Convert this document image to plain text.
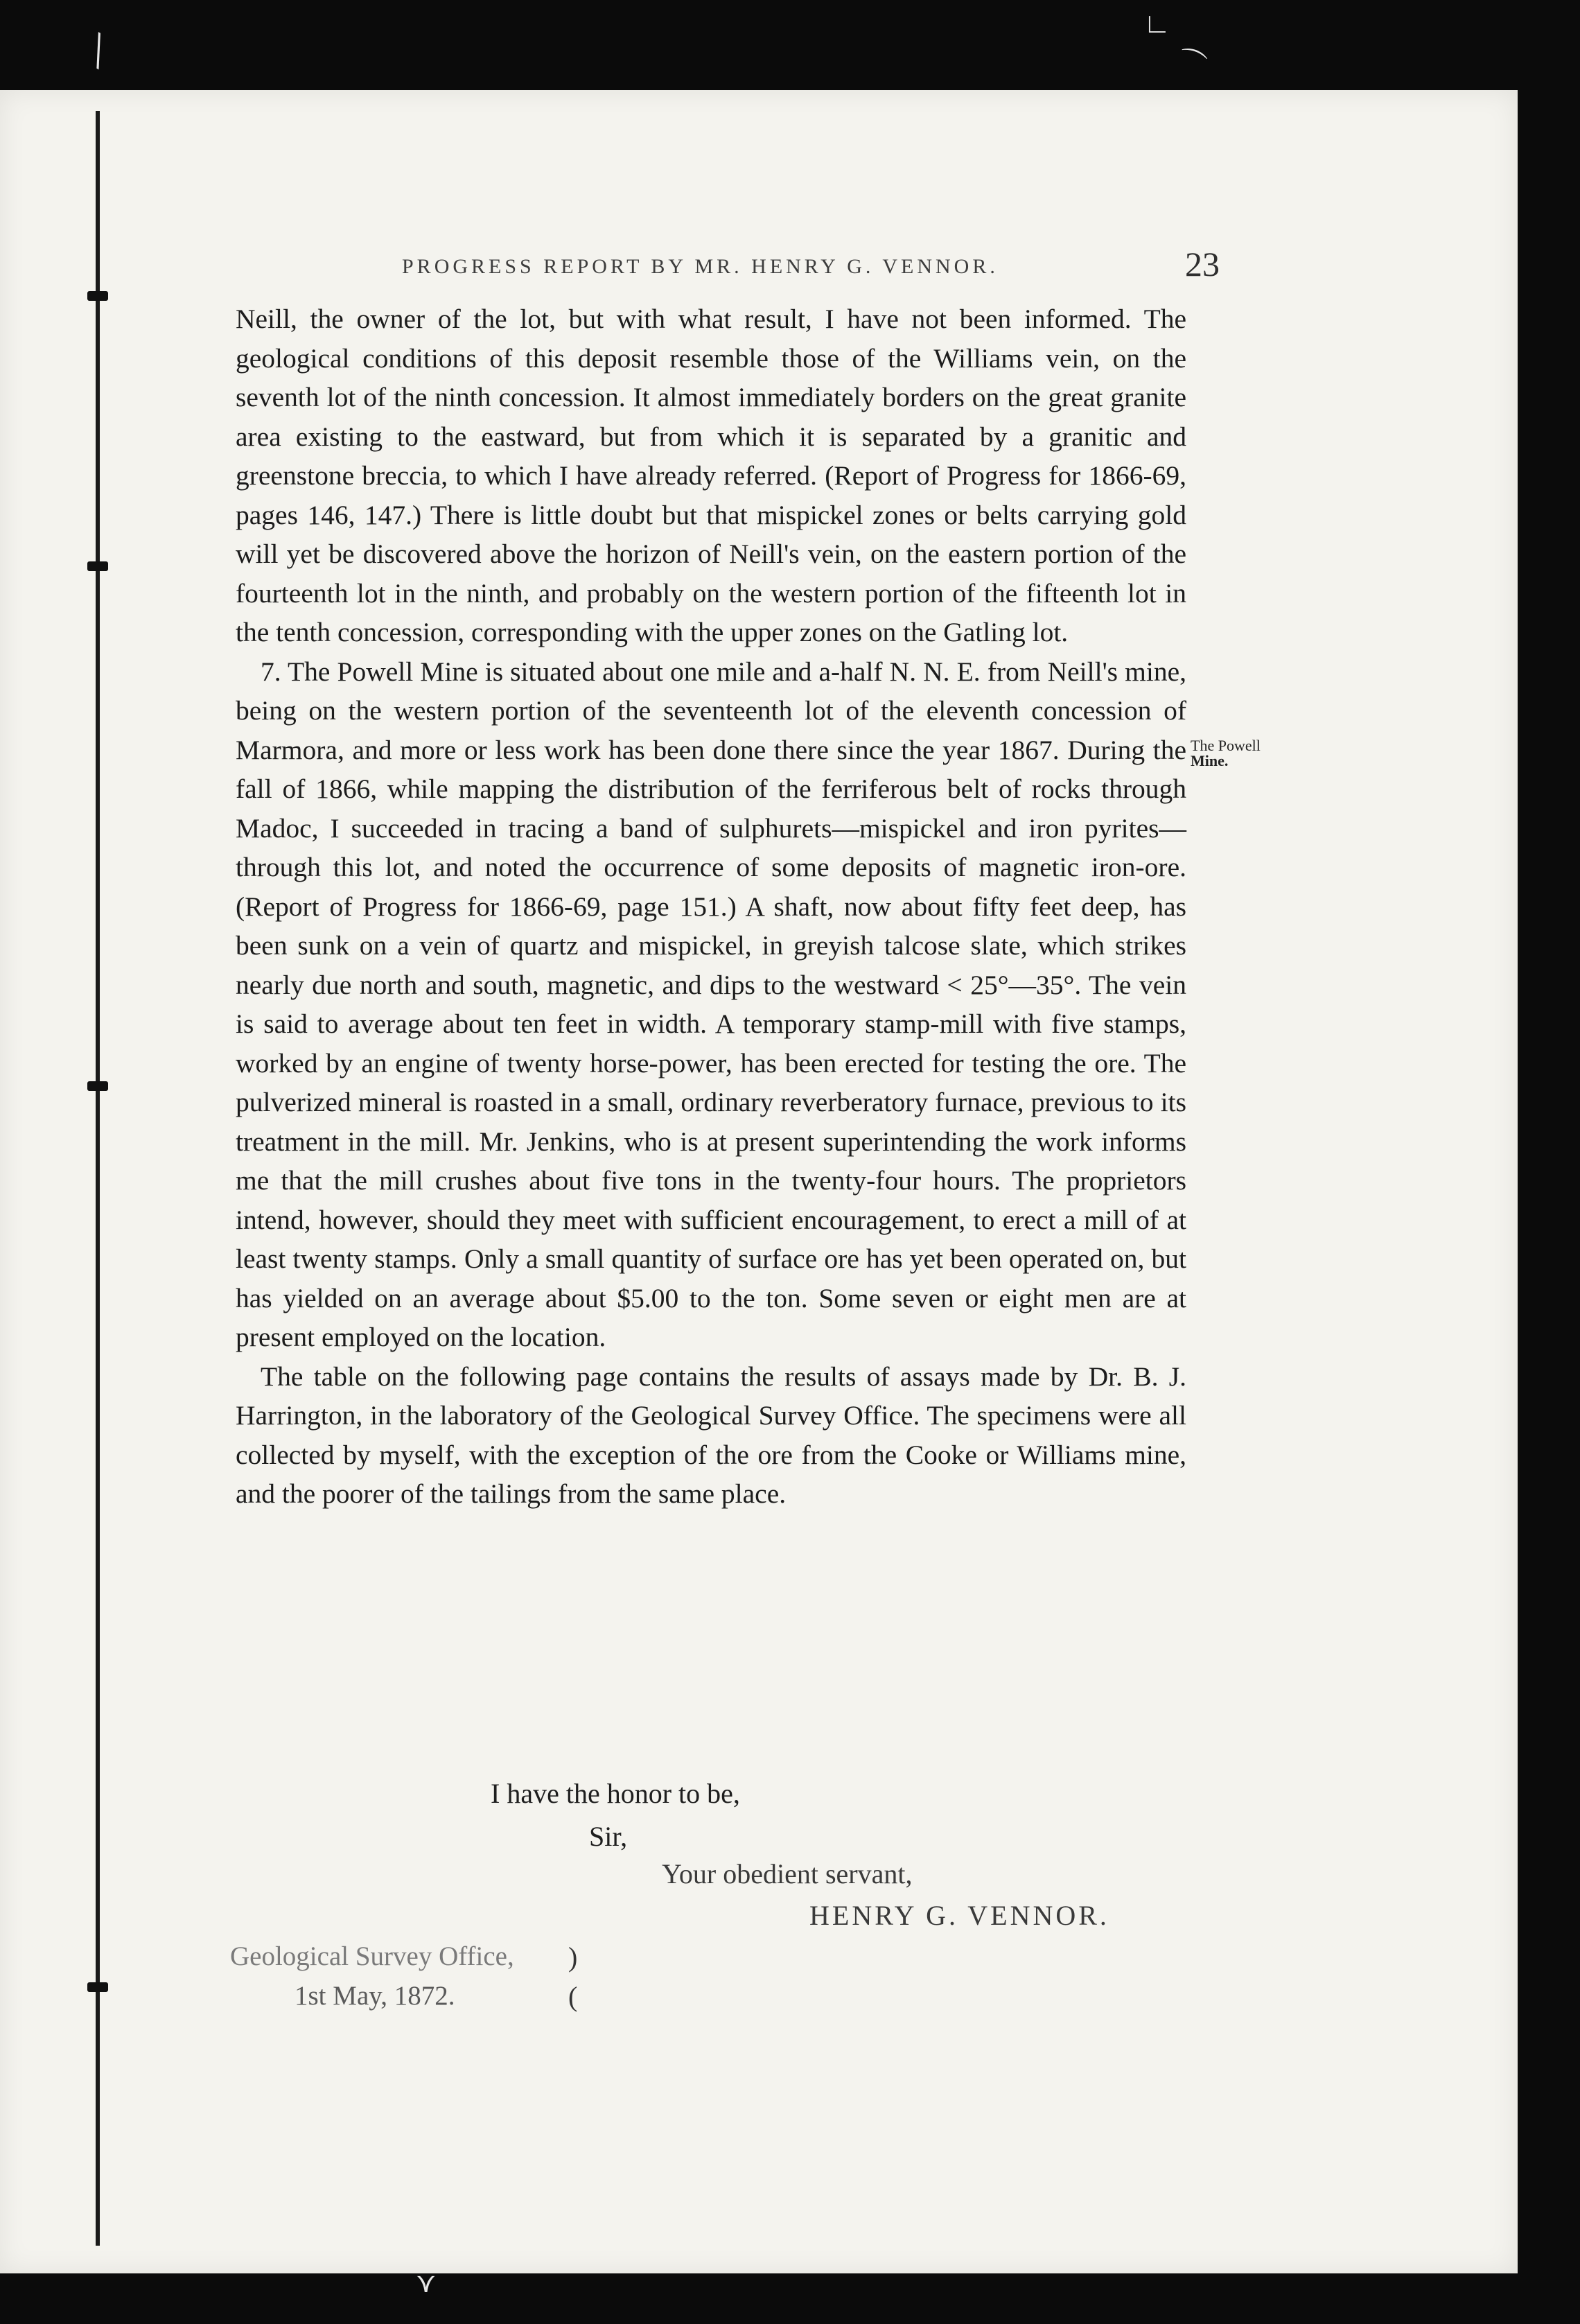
╲
∟
⌒
⋎
PROGRESS REPORT BY MR. HENRY G. VENNOR.	23

Neill, the owner of the lot, but with what result, I have not been informed. The geological conditions of this deposit resemble those of the Williams vein, on the seventh lot of the ninth concession. It almost immediately borders on the great granite area existing to the eastward, but from which it is separated by a granitic and greenstone breccia, to which I have already referred. (Report of Progress for 1866-69, pages 146, 147.) There is little doubt but that mispickel zones or belts carrying gold will yet be discovered above the horizon of Neill's vein, on the eastern portion of the fourteenth lot in the ninth, and probably on the western portion of the fifteenth lot in the tenth concession, corresponding with the upper zones on the Gatling lot.

7. The Powell Mine is situated about one mile and a-half N. N. E. from Neill's mine, being on the western portion of the seventeenth lot of the eleventh concession of Marmora, and more or less work has been done there since the year 1867. During the fall of 1866, while mapping the distribution of the ferriferous belt of rocks through Madoc, I succeeded in tracing a band of sulphurets—mispickel and iron pyrites—through this lot, and noted the occurrence of some deposits of magnetic iron-ore. (Report of Progress for 1866-69, page 151.) A shaft, now about fifty feet deep, has been sunk on a vein of quartz and mispickel, in greyish talcose slate, which strikes nearly due north and south, magnetic, and dips to the westward < 25°—35°. The vein is said to average about ten feet in width. A temporary stamp-mill with five stamps, worked by an engine of twenty horse-power, has been erected for testing the ore. The pulverized mineral is roasted in a small, ordinary reverberatory furnace, previous to its treatment in the mill. Mr. Jenkins, who is at present superintending the work informs me that the mill crushes about five tons in the twenty-four hours. The proprietors intend, however, should they meet with sufficient encouragement, to erect a mill of at least twenty stamps. Only a small quantity of surface ore has yet been operated on, but has yielded on an average about $5.00 to the ton. Some seven or eight men are at present employed on the location.

The table on the following page contains the results of assays made by Dr. B. J. Harrington, in the laboratory of the Geological Survey Office. The specimens were all collected by myself, with the exception of the ore from the Cooke or Williams mine, and the poorer of the tailings from the same place.

The Powell
Mine.
I have the honor to be,
Sir,
Your obedient servant,
HENRY G. VENNOR.
Geological Survey Office,
1st May, 1872.
)
(
